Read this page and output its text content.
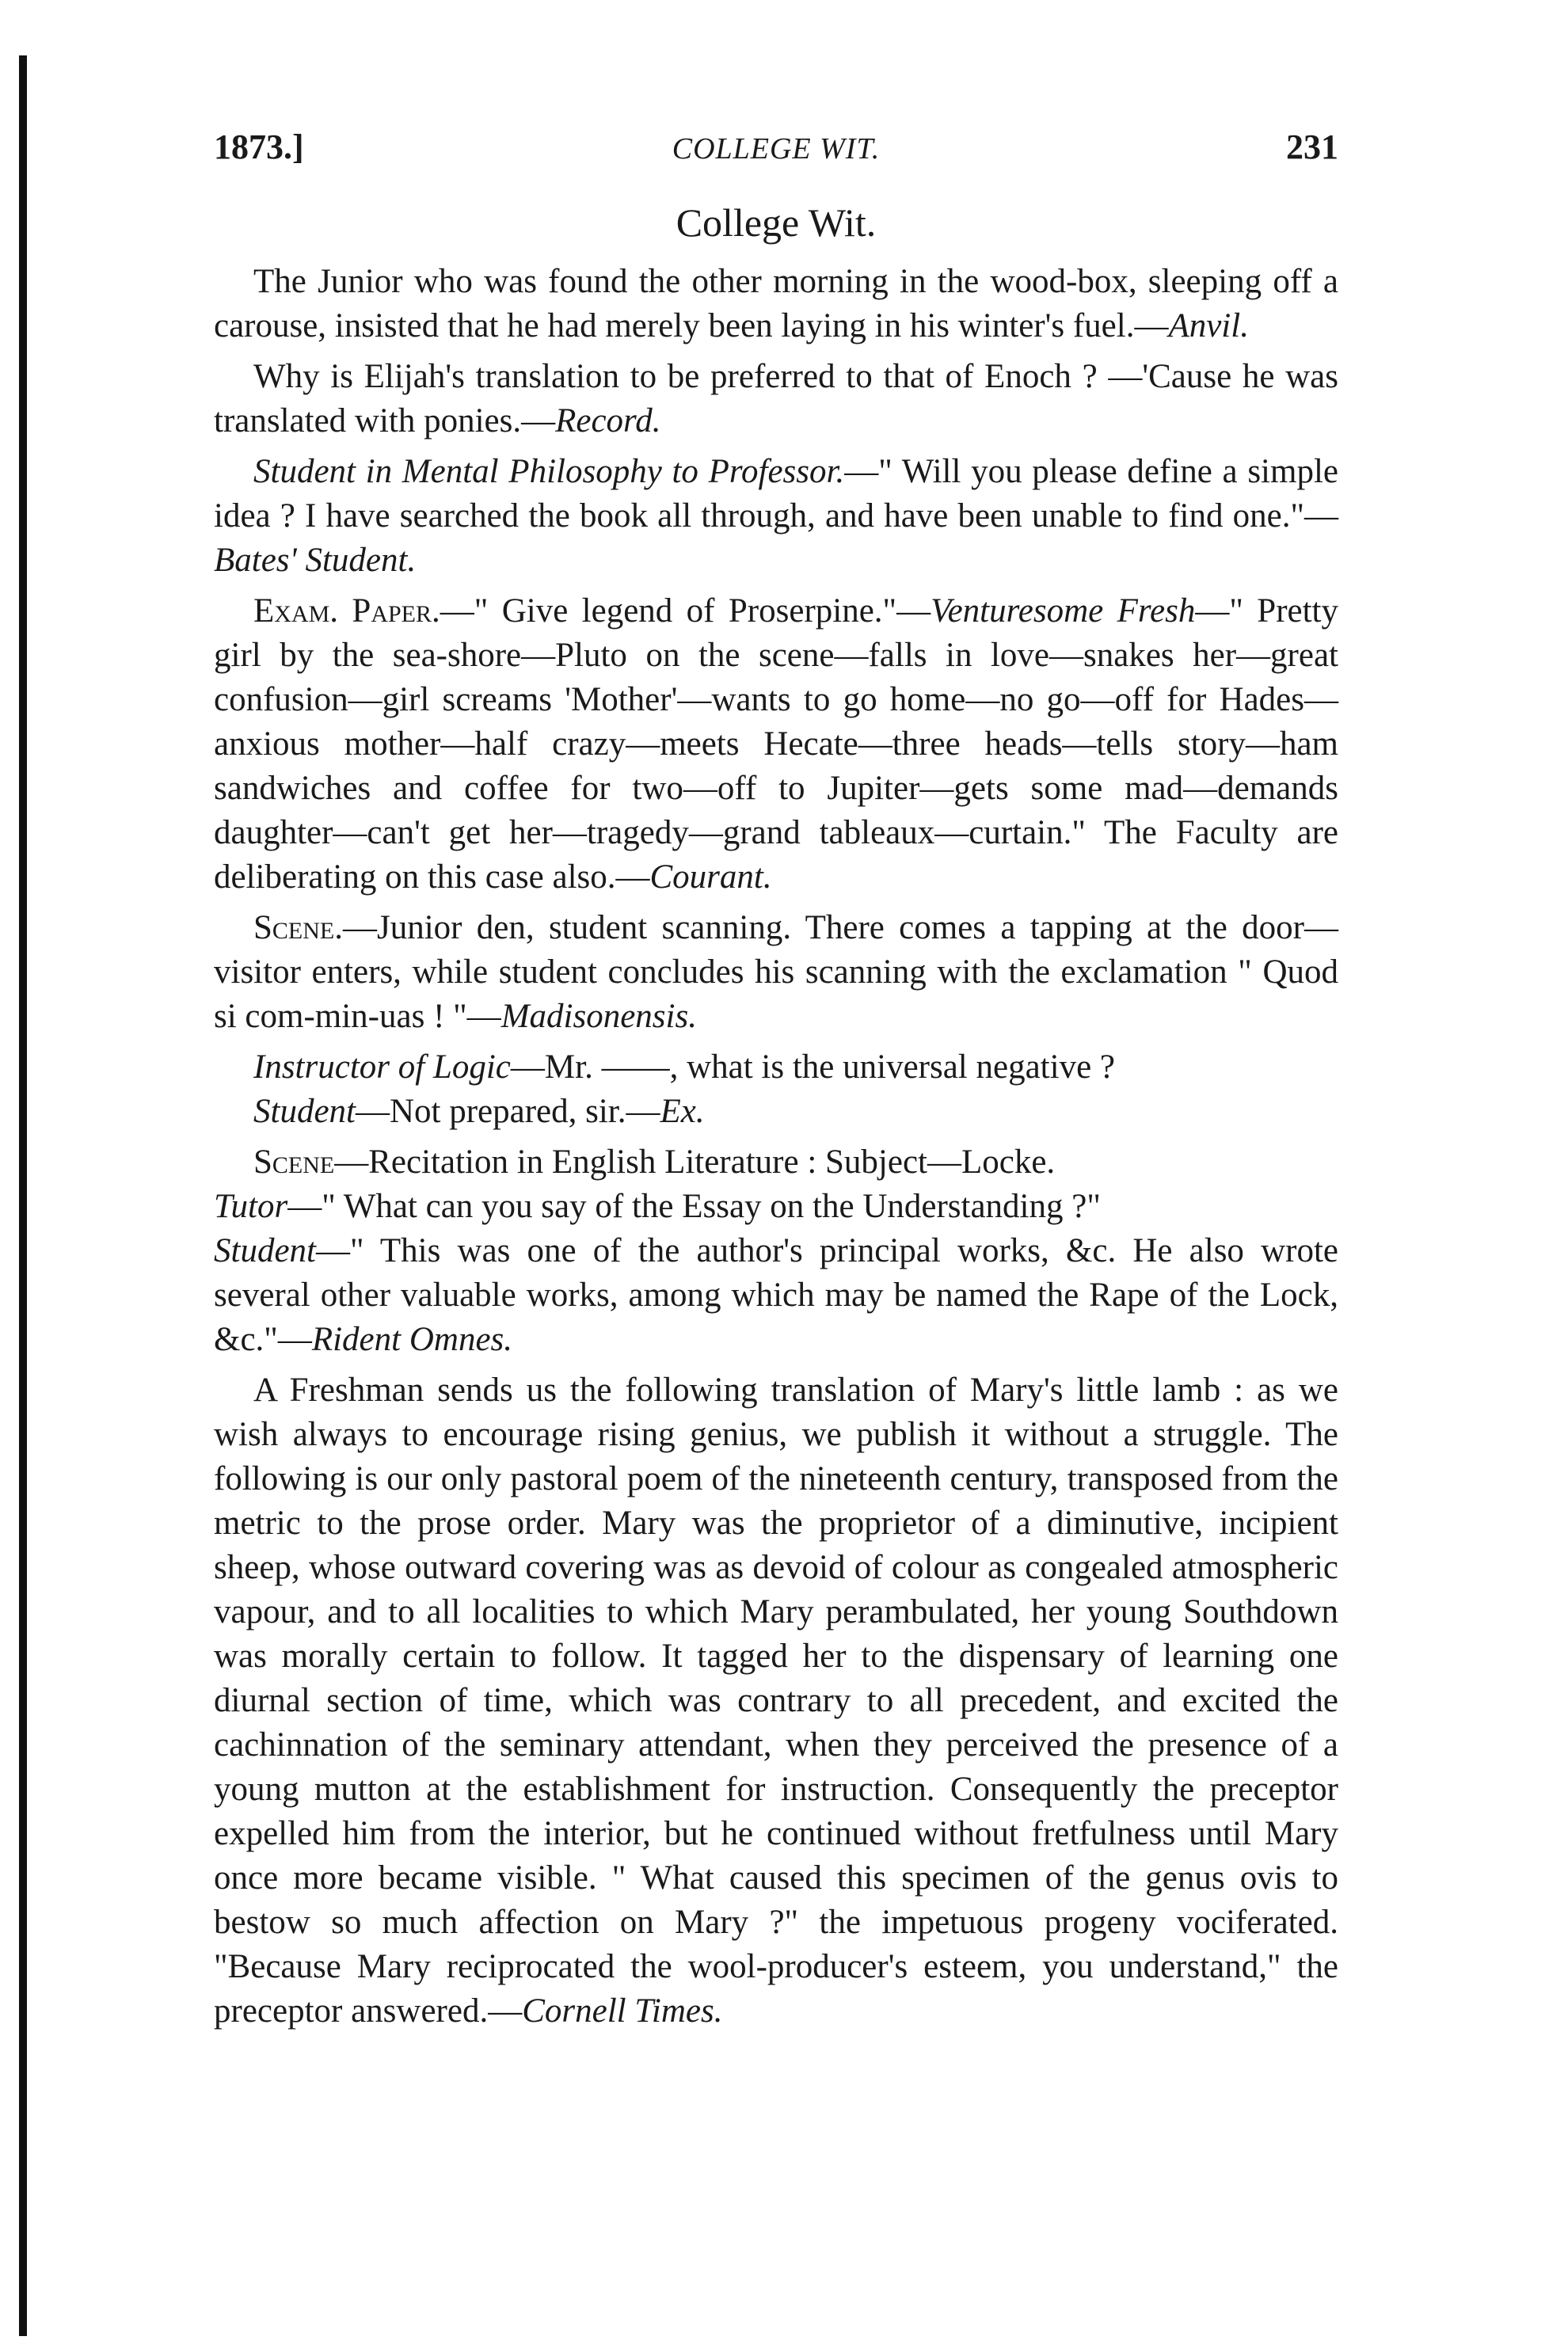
1873.]	COLLEGE WIT.	231
College Wit.

The Junior who was found the other morning in the wood-box, sleeping off a carouse, insisted that he had merely been laying in his winter's fuel.—Anvil.

Why is Elijah's translation to be preferred to that of Enoch ? —'Cause he was translated with ponies.—Record.

Student in Mental Philosophy to Professor.—" Will you please define a simple idea ? I have searched the book all through, and have been unable to find one."—Bates' Student.

Exam. Paper.—" Give legend of Proserpine."—Venturesome Fresh—" Pretty girl by the sea-shore—Pluto on the scene—falls in love—snakes her—great confusion—girl screams 'Mother'—wants to go home—no go—off for Hades—anxious mother—half crazy—meets Hecate—three heads—tells story—ham sandwiches and coffee for two—off to Jupiter—gets some mad—demands daughter—can't get her—tragedy—grand tableaux—curtain." The Faculty are deliberating on this case also.—Courant.

Scene.—Junior den, student scanning. There comes a tapping at the door—visitor enters, while student concludes his scanning with the exclamation " Quod si com-min-uas ! "—Madisonensis.

Instructor of Logic—Mr. ——, what is the universal negative ?

Student—Not prepared, sir.—Ex.

Scene—Recitation in English Literature : Subject—Locke.

Tutor—" What can you say of the Essay on the Understanding ?"

Student—" This was one of the author's principal works, &c. He also wrote several other valuable works, among which may be named the Rape of the Lock, &c."—Rident Omnes.

A Freshman sends us the following translation of Mary's little lamb : as we wish always to encourage rising genius, we publish it without a struggle. The following is our only pastoral poem of the nineteenth century, transposed from the metric to the prose order. Mary was the proprietor of a diminutive, incipient sheep, whose outward covering was as devoid of colour as congealed atmospheric vapour, and to all localities to which Mary perambulated, her young Southdown was morally certain to follow. It tagged her to the dispensary of learning one diurnal section of time, which was contrary to all precedent, and excited the cachinnation of the seminary attendant, when they perceived the presence of a young mutton at the establishment for instruction. Consequently the preceptor expelled him from the interior, but he continued without fretfulness until Mary once more became visible. " What caused this specimen of the genus ovis to bestow so much affection on Mary ?" the impetuous progeny vociferated. "Because Mary reciprocated the wool-producer's esteem, you understand," the preceptor answered.—Cornell Times.
